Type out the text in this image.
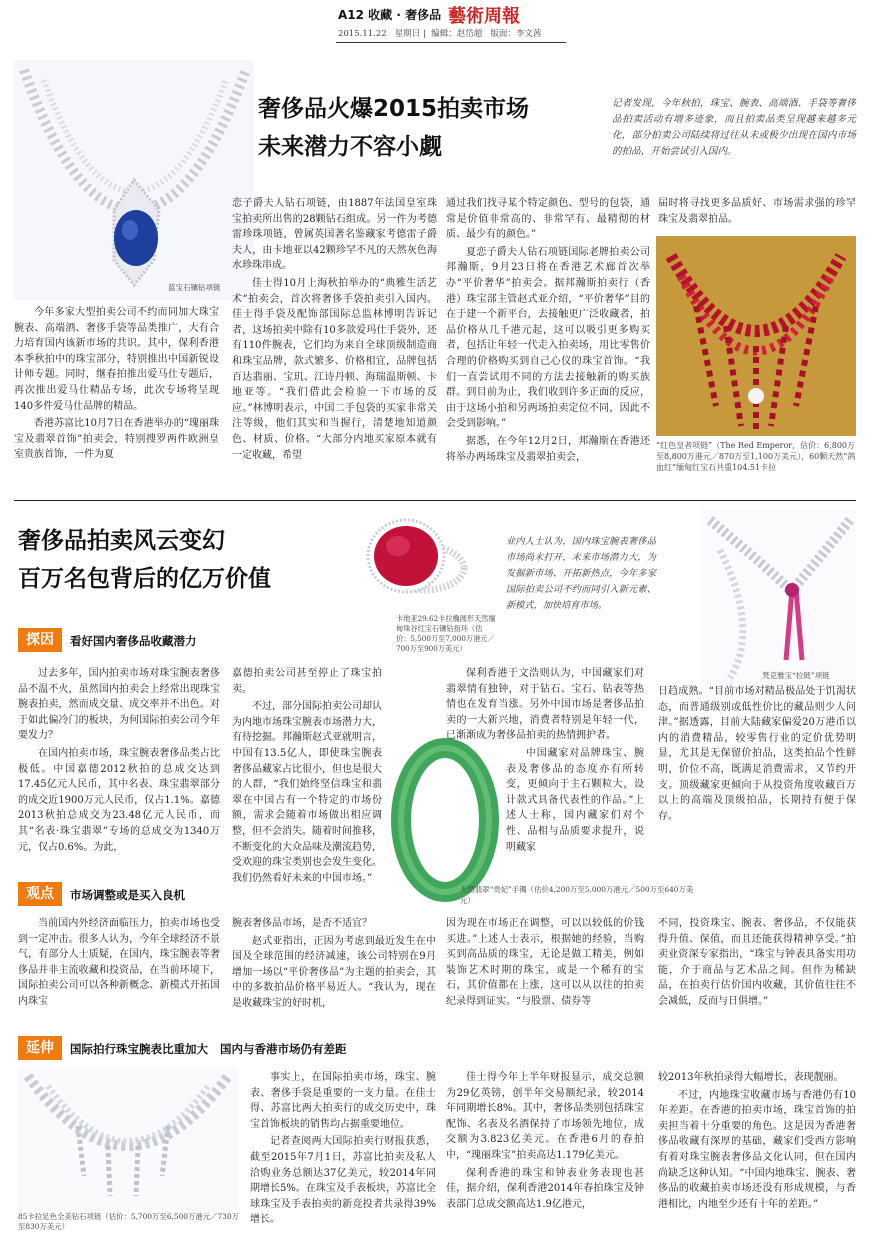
A12 收藏 · 奢侈品 藝術周報
2015.11.22 星期日 |  编辑：赵岱超 版面：李文茜
蓝宝石镶钻项链
奢侈品火爆2015拍卖市场
未来潜力不容小觑
记者发现，今年秋拍，珠宝、腕表、高端酒、手袋等奢侈品拍卖活动有增多迹象，而且拍卖品类呈现越来越多元化，部分拍卖公司陆续将过往从未或极少出现在国内市场的拍品，开始尝试引入国内。

今年多家大型拍卖公司不约而同加大珠宝腕表、高端酒、奢侈手袋等品类推广，大有合力培育国内该新市场的共识。其中，保利香港本季秋拍中的珠宝部分，特别推出中国新锐设计师专题。同时，继春拍推出爱马仕专题后，再次推出爱马仕精品专场，此次专场将呈现140多件爱马仕品牌的精品。

香港苏富比10月7日在香港举办的“瑰丽珠宝及翡翠首饰”拍卖会，特别搜罗两件欧洲皇室贵族首饰，一件为夏

恋子爵夫人钻石项链，由1887年法国皇室珠宝拍卖所出售的28颗钻石组成。另一件为考德雷珍珠项链，曾属英国著名鉴藏家考德雷子爵夫人，由卡地亚以42颗珍罕不凡的天然灰色海水珍珠串成。

佳士得10月上海秋拍举办的“典雅生活艺术”拍卖会，首次将奢侈手袋拍卖引入国内。佳士得手袋及配饰部国际总监林博明告诉记者，这场拍卖中除有10多款爱玛仕手袋外，还有110件腕表，它们均为来自全球顶级制造商和珠宝品牌，款式繁多、价格相宜，品牌包括百达翡丽、宝玑、江诗丹顿、海瑞温斯顿、卡地亚等。“我们借此会检验一下市场的反应。”林博明表示，中国二手包袋的买家非常关注等级，他们其实和当握行，清楚地知道颜色、材质、价格。“大部分内地买家原本就有一定收藏，希望

通过我们找寻某个特定颜色、型号的包袋，通常是价值非常高的、非常罕有、最精彻的材质、最少有的颜色。”

夏恋子爵夫人钻石项链国际老牌拍卖公司邦瀚斯，9月23日将在香港艺术廊首次举办“平价奢华”拍卖会。据邦瀚斯拍卖行（香港）珠宝部主管赵式亚介绍，“平价奢华”目的在于建一个新平台，去接触更广泛收藏者，拍品价格从几千港元起，这可以吸引更多购买者，包括让年轻一代走入拍卖场，用比零售价合理的价格购买到自己心仪的珠宝首饰。“我们一直尝试用不同的方法去接触新的购买族群。到目前为止，我们收到许多正面的反应，由于这场小拍和另两场拍卖定位不同，因此不会受到影响。”

据悉，在今年12月2日，邦瀚斯在香港还将举办两场珠宝及翡翠拍卖会，

届时将寻找更多品质好、市场需求强的珍罕珠宝及翡翠拍品。

“红色皇者项链”（The Red Emperor，估价：6,800万至8,800万港元／870万至1,100万美元），60颗天然“鸽血红”缅甸红宝石共重104.51卡拉
奢侈品拍卖风云变幻
百万名包背后的亿万价值
卡地亚29.62卡拉椭圆形天然缅甸珠谷红宝石镶钻指环（估价：5,500万至7,000万港元／700万至900万美元）
业内人士认为，国内珠宝腕表奢侈品市场尚未打开，未来市场潜力大，为发掘新市场、开拓新热点，今年多家国际拍卖公司不约而同引入新元素、新模式，加快培育市场。
梵克雅宝“拉链”项链
探因	看好国内奢侈品收藏潜力

过去多年，国内拍卖市场对珠宝腕表奢侈品不温不火，虽然国内拍卖会上经常出现珠宝腕表拍卖，然而成交量、成交率并不出色。对于如此偏冷门的板块，为何国际拍卖公司今年要发力？

在国内拍卖市场，珠宝腕表奢侈品类占比极低。中国嘉德2012秋拍的总成交达到17.45亿元人民币，其中名表、珠宝翡翠部分的成交近1900万元人民币，仅占1.1%。嘉德2013秋拍总成交为23.48亿元人民币，而其“名表·珠宝翡翠”专场的总成交为1340万元，仅占0.6%。为此，

嘉德拍卖公司甚至停止了珠宝拍卖。

不过，部分国际拍卖公司却认为内地市场珠宝腕表市场潜力大，有待挖掘。邦瀚斯赵式亚就明言，中国有13.5亿人，即使珠宝腕表奢侈品藏家占比很小，但也是很大的人群，“我们始终坚信珠宝和翡翠在中国占有一个特定的市场份额，需求会随着市场做出相应调整，但不会消失。随着时间推移，不断变化的大众品味及潮流趋势，受欢迎的珠宝类别也会发生变化。我们仍然看好未来的中国市场。”

保利香港于文浩则认为，中国藏家们对翡翠情有独钟，对于钻石、宝石、钻表等热情也在发育当涨。另外中国市场是奢侈品拍卖的一大新兴地，消费者特别是年轻一代，已渐渐成为奢侈品拍卖的热情拥护者。

天然翡翠“贵妃”手镯（估价4,200万至5,000万港元／500万至640万美元）

中国藏家对品牌珠宝、腕表及奢侈品的态度亦有所转变，更倾向于主石颗粒大，设计款式具备代表性的作品。”上述人士称，国内藏家们对个性、品相与品质要求提升，说明藏家

日趋成熟。“目前市场对精品极品处于饥渴状态，而普通级别或低性价比的藏品则少人问津。”据透露，目前大陆藏家偏爱20万港币以内的消费精品，较零售行业的定价优势明显，尤其是无保留价拍品，这类拍品个性鲜明，价位不高，既满足消费需求，又节约开支。顶级藏家更倾向于从投资角度收藏百万以上的高端及顶级拍品，长期持有便于保存。

观点	市场调整或是买入良机

当前国内外经济面临压力，拍卖市场也受到一定冲击。很多人认为，今年全球经济不景气，有部分人士质疑，在国内，珠宝腕表等奢侈品并非主流收藏和投资品，在当前环境下，国际拍卖公司可以各种新概念、新模式开拓国内珠宝

腕表奢侈品市场，是否不适宜？

赵式亚指出，正因为考虑到最近发生在中国及全球范围的经济减速，该公司特别在9月增加一场以“平价奢侈品”为主题的拍卖会，其中的多数拍品价格平易近人。“我认为，现在是收藏珠宝的好时机，

因为现在市场正在调整，可以以较低的价钱买进。”上述人士表示，根据她的经验，当购买到高品质的珠宝，无论是做工精美，例如装饰艺术时期的珠宝，或是一个稀有的宝石，其价值都在上涨，这可以从以往的拍卖纪录得到证实。“与股票、债券等

不同，投资珠宝、腕表、奢侈品，不仅能获得升值、保值，而且还能获得精神享受。”拍卖业资深专家指出，“珠宝与钟表具备实用功能，介于商品与艺术品之间。但作为稀缺品，在拍卖行估价国内收藏，其价值往往不会减低，反而与日俱增。”

延伸	国际拍行珠宝腕表比重加大   国内与香港市场仍有差距
85卡拉足色全美钻石项链（估价：5,700万至6,500万港元／730万至830万美元）

事实上，在国际拍卖市场，珠宝、腕表、奢侈手袋是重要的一支力量。在佳士得、苏富比两大拍卖行的成交历史中，珠宝首饰板块的销售均占据重要地位。

记者查阅两大国际拍卖行财报获悉，截至2015年7月1日，苏富比拍卖及私人洽购业务总额达37亿美元，较2014年同期增长5%。在珠宝及手表板块，苏富比全球珠宝及手表拍卖的新竞投者共录得39%增长。

佳士得今年上半年财报显示，成交总额为29亿英镑，创半年交易额纪录，较2014年同期增长8%。其中，奢侈品类别包括珠宝配饰、名表及名酒保持了市场领先地位，成交额为3.823亿美元。在香港6月的春拍中，“瑰丽珠宝”拍卖高达1.179亿美元。

保利香港的珠宝和钟表业务表现也甚佳，据介绍，保利香港2014年春拍珠宝及钟表部门总成交额高达1.9亿港元，

较2013年秋拍录得大幅增长，表现靓丽。

不过，内地珠宝收藏市场与香港仍有10年差距。在香港的拍卖市场，珠宝首饰的拍卖担当着十分重要的角色。这是因为香港奢侈品收藏有深厚的基础，藏家们受西方影响有着对珠宝腕表奢侈品文化认同，但在国内尚缺乏这种认知。“中国内地珠宝、腕表、奢侈品的收藏拍卖市场还没有形成规模，与香港相比，内地至少还有十年的差距。”
